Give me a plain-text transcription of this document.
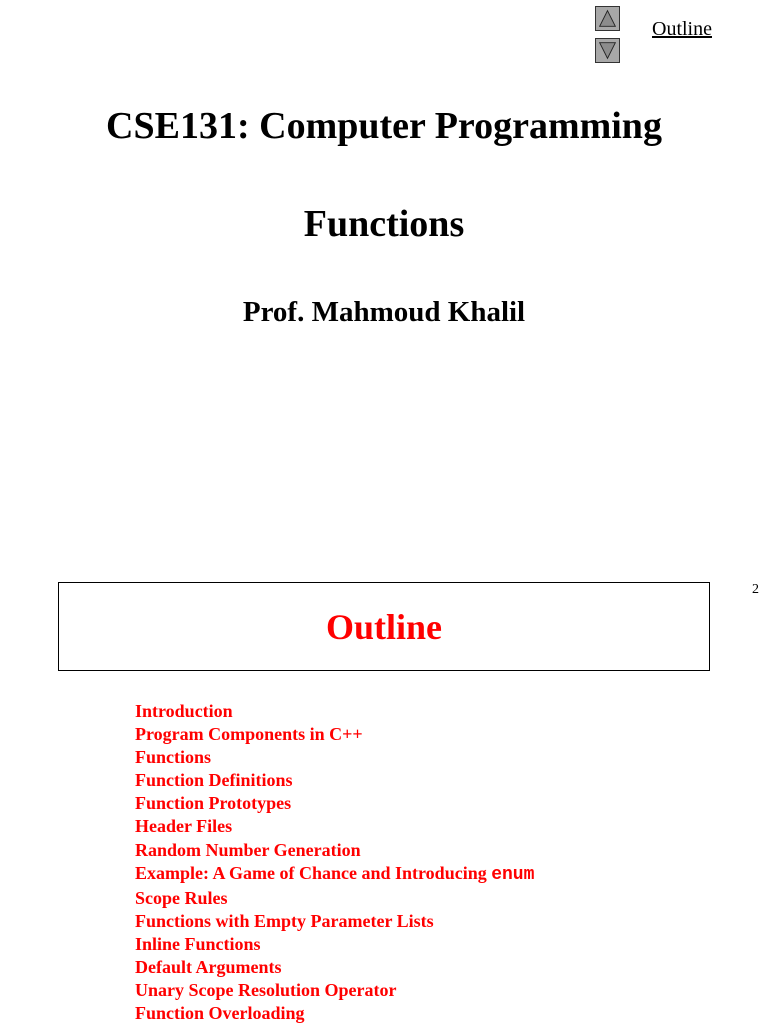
Outline
CSE131: Computer Programming
Functions
Prof. Mahmoud Khalil
2
Outline
Introduction
Program Components in C++
Functions
Function Definitions
Function Prototypes
Header Files
Random Number Generation
Example: A Game of Chance and Introducing enum
Scope Rules
Functions with Empty Parameter Lists
Inline Functions
Default Arguments
Unary Scope Resolution Operator
Function Overloading
